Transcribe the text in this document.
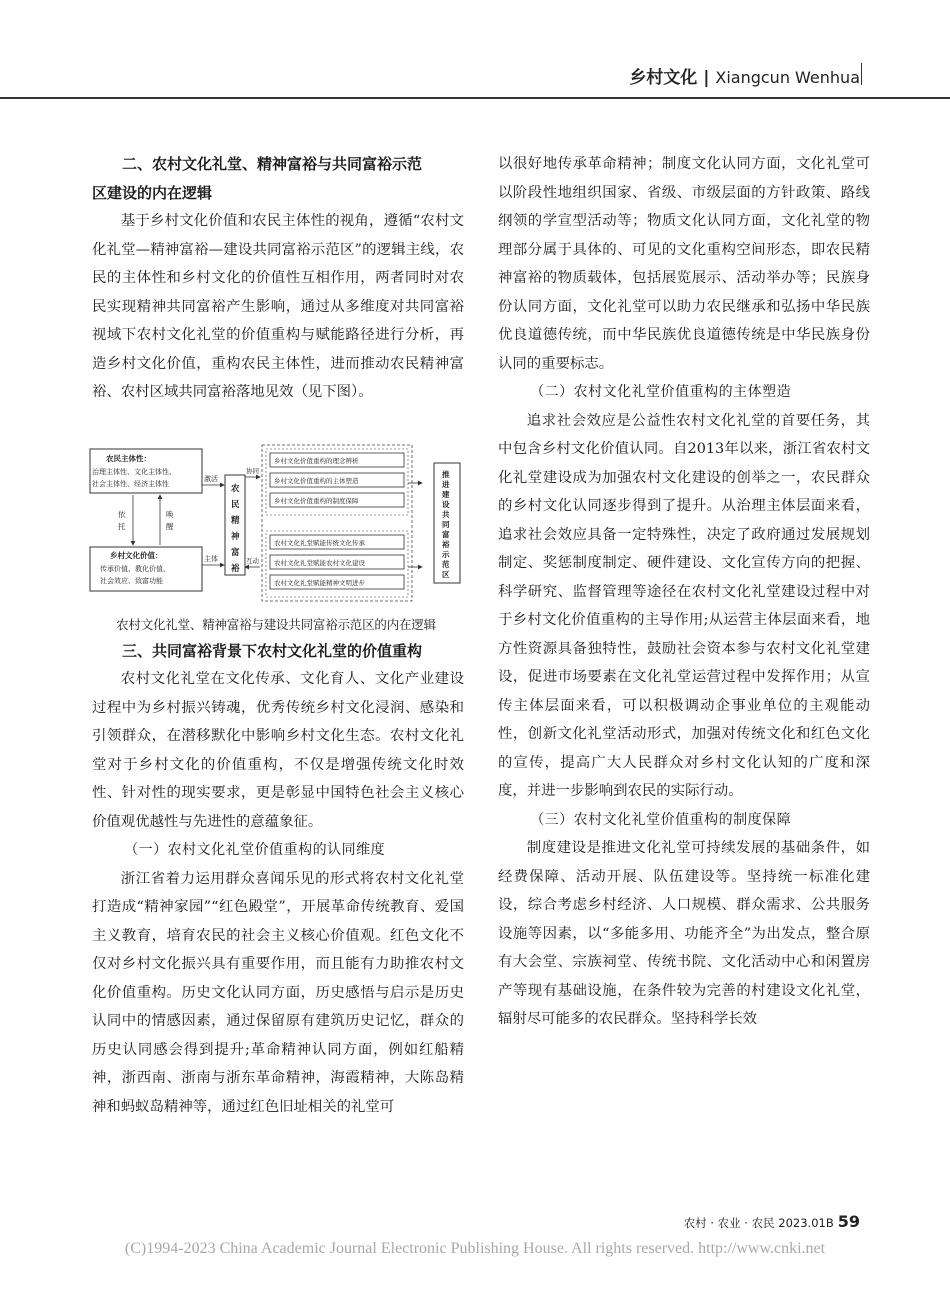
乡村文化 | Xiangcun Wenhua
二、农村文化礼堂、精神富裕与共同富裕示范
区建设的内在逻辑

基于乡村文化价值和农民主体性的视角，遵循“农村文化礼堂—精神富裕—建设共同富裕示范区”的逻辑主线，农民的主体性和乡村文化的价值性互相作用，两者同时对农民实现精神共同富裕产生影响，通过从多维度对共同富裕视域下农村文化礼堂的价值重构与赋能路径进行分析，再造乡村文化价值，重构农民主体性，进而推动农民精神富裕、农村区域共同富裕落地见效（见下图）。

三、共同富裕背景下农村文化礼堂的价值重构

农村文化礼堂在文化传承、文化育人、文化产业建设过程中为乡村振兴铸魂，优秀传统乡村文化浸润、感染和引领群众，在潜移默化中影响乡村文化生态。农村文化礼堂对于乡村文化的价值重构，不仅是增强传统文化时效性、针对性的现实要求，更是彰显中国特色社会主义核心价值观优越性与先进性的意蕴象征。

（一）农村文化礼堂价值重构的认同维度

浙江省着力运用群众喜闻乐见的形式将农村文化礼堂打造成“精神家园”“红色殿堂”，开展革命传统教育、爱国主义教育，培育农民的社会主义核心价值观。红色文化不仅对乡村文化振兴具有重要作用，而且能有力助推农村文化价值重构。历史文化认同方面，历史感悟与启示是历史认同中的情感因素，通过保留原有建筑历史记忆，群众的历史认同感会得到提升;革命精神认同方面，例如红船精神，浙西南、浙南与浙东革命精神，海霞精神，大陈岛精神和蚂蚁岛精神等，通过红色旧址相关的礼堂可

农民主体性：
治理主体性、文化主体性、
社会主体性、经济主体性
乡村文化价值：
传承价值、教化价值、
社会效应、致富功能
依
托
唤
醒
激活
主体
农
民
精
神
富
裕
协同
互动
乡村文化价值重构的理念辨析
乡村文化价值重构的主体塑造
乡村文化价值重构的制度保障
农村文化礼堂赋能传统文化传承
农村文化礼堂赋能农村文化建设
农村文化礼堂赋能精神文明进步
推
进
建
设
共
同
富
裕
示
范
区
农村文化礼堂、精神富裕与建设共同富裕示范区的内在逻辑

以很好地传承革命精神；制度文化认同方面，文化礼堂可以阶段性地组织国家、省级、市级层面的方针政策、路线纲领的学宣型活动等；物质文化认同方面，文化礼堂的物理部分属于具体的、可见的文化重构空间形态，即农民精神富裕的物质载体，包括展览展示、活动举办等；民族身份认同方面，文化礼堂可以助力农民继承和弘扬中华民族优良道德传统，而中华民族优良道德传统是中华民族身份认同的重要标志。

（二）农村文化礼堂价值重构的主体塑造

追求社会效应是公益性农村文化礼堂的首要任务，其中包含乡村文化价值认同。自2013年以来，浙江省农村文化礼堂建设成为加强农村文化建设的创举之一，农民群众的乡村文化认同逐步得到了提升。从治理主体层面来看，追求社会效应具备一定特殊性，决定了政府通过发展规划制定、奖惩制度制定、硬件建设、文化宣传方向的把握、科学研究、监督管理等途径在农村文化礼堂建设过程中对于乡村文化价值重构的主导作用;从运营主体层面来看，地方性资源具备独特性，鼓励社会资本参与农村文化礼堂建设，促进市场要素在文化礼堂运营过程中发挥作用；从宣传主体层面来看，可以积极调动企事业单位的主观能动性，创新文化礼堂活动形式，加强对传统文化和红色文化的宣传，提高广大人民群众对乡村文化认知的广度和深度，并进一步影响到农民的实际行动。

（三）农村文化礼堂价值重构的制度保障

制度建设是推进文化礼堂可持续发展的基础条件，如经费保障、活动开展、队伍建设等。坚持统一标准化建设，综合考虑乡村经济、人口规模、群众需求、公共服务设施等因素，以“多能多用、功能齐全”为出发点，整合原有大会堂、宗族祠堂、传统书院、文化活动中心和闲置房产等现有基础设施，在条件较为完善的村建设文化礼堂，辐射尽可能多的农民群众。坚持科学长效

农村 · 农业 · 农民 2023.01B 59
(C)1994-2023 China Academic Journal Electronic Publishing House. All rights reserved. http://www.cnki.net
